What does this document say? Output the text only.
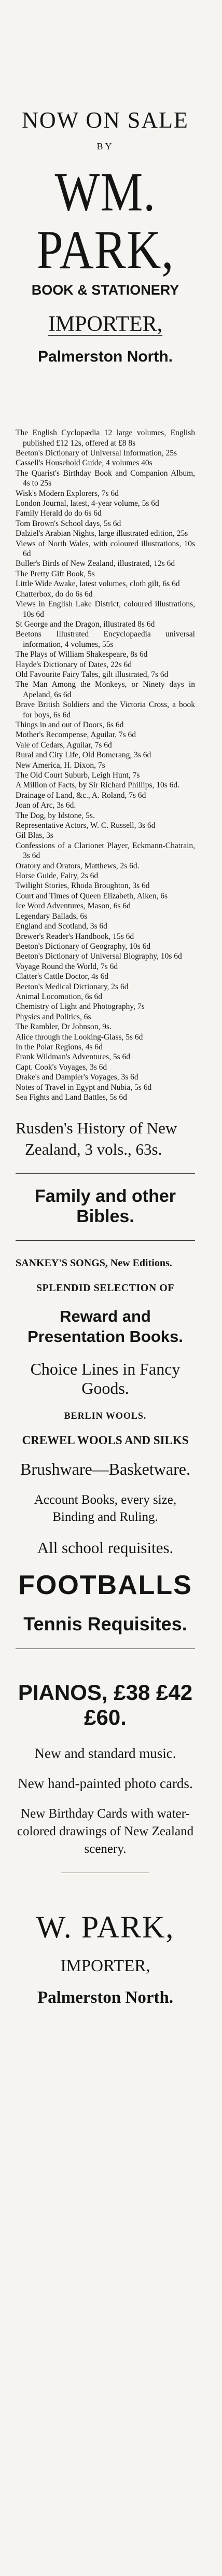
NOW ON SALE
BY
WM. PARK,
BOOK & STATIONERY
IMPORTER,
Palmerston North.
The English Cyclopædia 12 large volumes, English published £12 12s, offered at £8 8s
Beeton's Dictionary of Universal Information, 25s
Cassell's Household Guide, 4 volumes 40s
The Quarist's Birthday Book and Companion Album, 4s to 25s
Wisk's Modern Explorers, 7s 6d
London Journal, latest, 4-year volume, 5s 6d
Family Herald do do 6s 6d
Tom Brown's School days, 5s 6d
Dalziel's Arabian Nights, large illustrated edition, 25s
Views of North Wales, with coloured illustrations, 10s 6d
Buller's Birds of New Zealand, illustrated, 12s 6d
The Pretty Gift Book, 5s
Little Wide Awake, latest volumes, cloth gilt, 6s 6d
Chatterbox, do do 6s 6d
Views in English Lake District, coloured illustrations, 10s 6d
St George and the Dragon, illustrated 8s 6d
Beetons Illustrated Encyclopaedia universal information, 4 volumes, 55s
The Plays of William Shakespeare, 8s 6d
Hayde's Dictionary of Dates, 22s 6d
Old Favourite Fairy Tales, gilt illustrated, 7s 6d
The Man Among the Monkeys, or Ninety days in Apeland, 6s 6d
Brave British Soldiers and the Victoria Cross, a book for boys, 6s 6d
Things in and out of Doors, 6s 6d
Mother's Recompense, Aguilar, 7s 6d
Vale of Cedars, Aguilar, 7s 6d
Rural and City Life, Old Bomerang, 3s 6d
New America, H. Dixon, 7s
The Old Court Suburb, Leigh Hunt, 7s
A Million of Facts, by Sir Richard Phillips, 10s 6d.
Drainage of Land, &c., A. Roland, 7s 6d
Joan of Arc, 3s 6d.
The Dog, by Idstone, 5s.
Representative Actors, W. C. Russell, 3s 6d
Gil Blas, 3s
Confessions of a Clarionet Player, Eckmann-Chatrain, 3s 6d
Oratory and Orators, Matthews, 2s 6d.
Horse Guide, Fairy, 2s 6d
Twilight Stories, Rhoda Broughton, 3s 6d
Court and Times of Queen Elizabeth, Aiken, 6s
Ice Word Adventures, Mason, 6s 6d
Legendary Ballads, 6s
England and Scotland, 3s 6d
Brewer's Reader's Handbook, 15s 6d
Beeton's Dictionary of Geography, 10s 6d
Beeton's Dictionary of Universal Biography, 10s 6d
Voyage Round the World, 7s 6d
Clatter's Cattle Doctor, 4s 6d
Beeton's Medical Dictionary, 2s 6d
Animal Locomotion, 6s 6d
Chemistry of Light and Photography, 7s
Physics and Politics, 6s
The Rambler, Dr Johnson, 9s.
Alice through the Looking-Glass, 5s 6d
In the Polar Regions, 4s 6d
Frank Wildman's Adventures, 5s 6d
Capt. Cook's Voyages, 3s 6d
Drake's and Dampier's Voyages, 3s 6d
Notes of Travel in Egypt and Nubia, 5s 6d
Sea Fights and Land Battles, 5s 6d
Rusden's History of New Zealand, 3 vols., 63s.
Family and other Bibles.
SANKEY'S SONGS, New Editions.
SPLENDID SELECTION OF
Reward and Presentation Books.
Choice Lines in Fancy Goods.
BERLIN WOOLS.
CREWEL WOOLS AND SILKS
Brushware—Basketware.
Account Books, every size, Binding and Ruling.
All school requisites.
FOOTBALLS
Tennis Requisites.
PIANOS, £38 £42 £60.
New and standard music.
New hand-painted photo cards.
New Birthday Cards with water-colored drawings of New Zealand scenery.
W. PARK,
IMPORTER,
Palmerston North.
